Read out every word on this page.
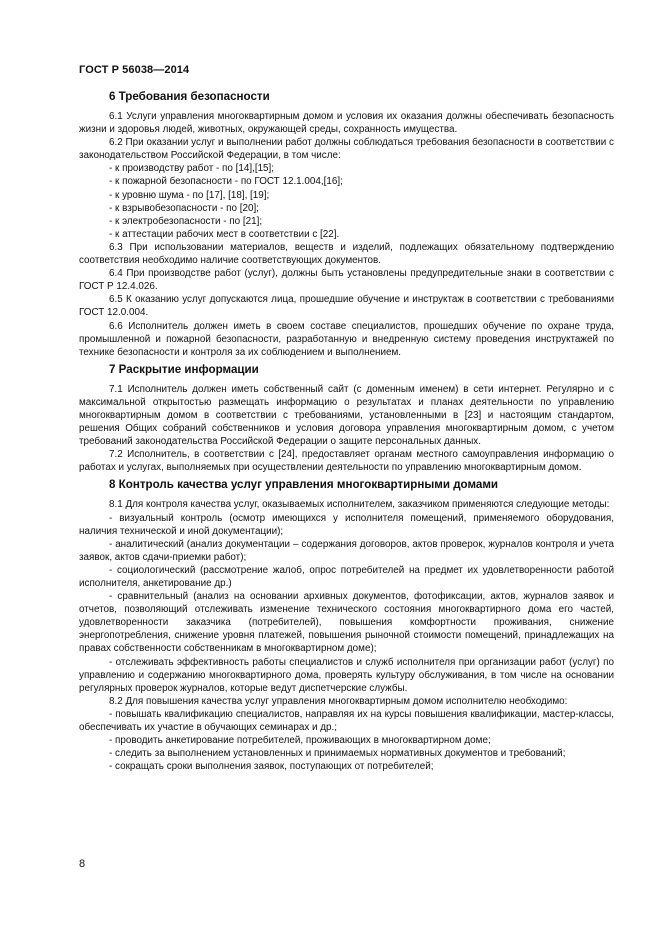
ГОСТ Р 56038—2014
6 Требования безопасности

6.1 Услуги управления многоквартирным домом и условия их оказания должны обеспечивать безопасность жизни и здоровья людей, животных, окружающей среды, сохранность имущества.

6.2 При оказании услуг и выполнении работ должны соблюдаться требования безопасности в соответствии с законодательством Российской Федерации, в том числе:

- к производству работ - по [14],[15];
- к пожарной безопасности - по ГОСТ 12.1.004,[16];
- к уровню шума - по [17], [18], [19];
- к взрывобезопасности - по [20];
- к электробезопасности - по [21];
- к аттестации рабочих мест в соответствии с [22].

6.3 При использовании материалов, веществ и изделий, подлежащих обязательному подтверждению соответствия необходимо наличие соответствующих документов.

6.4 При производстве работ (услуг), должны быть установлены предупредительные знаки в соответствии с ГОСТ Р 12.4.026.

6.5 К оказанию услуг допускаются лица, прошедшие обучение и инструктаж в соответствии с требованиями ГОСТ 12.0.004.

6.6 Исполнитель должен иметь в своем составе специалистов, прошедших обучение по охране труда, промышленной и пожарной безопасности, разработанную и внедренную систему проведения инструктажей по технике безопасности и контроля за их соблюдением и выполнением.

7 Раскрытие информации

7.1 Исполнитель должен иметь собственный сайт (с доменным именем) в сети интернет. Регулярно и с максимальной открытостью размещать информацию о результатах и планах деятельности по управлению многоквартирным домом в соответствии с требованиями, установленными в [23] и настоящим стандартом, решения Общих собраний собственников и условия договора управления многоквартирным домом, с учетом требований законодательства Российской Федерации о защите персональных данных.

7.2 Исполнитель, в соответствии с [24], предоставляет органам местного самоуправления информацию о работах и услугах, выполняемых при осуществлении деятельности по управлению многоквартирным домом.

8 Контроль качества услуг управления многоквартирными домами

8.1 Для контроля качества услуг, оказываемых исполнителем, заказчиком применяются следующие методы:

- визуальный контроль (осмотр имеющихся у исполнителя помещений, применяемого оборудования, наличия технической и иной документации);

- аналитический (анализ документации – содержания договоров, актов проверок, журналов контроля и учета заявок, актов сдачи-приемки работ);

- социологический (рассмотрение жалоб, опрос потребителей на предмет их удовлетворенности работой исполнителя, анкетирование др.)

- сравнительный (анализ на основании архивных документов, фотофиксации, актов, журналов заявок и отчетов, позволяющий отслеживать изменение технического состояния многоквартирного дома его частей, удовлетворенности заказчика (потребителей), повышения комфортности проживания, снижение энергопотребления, снижение уровня платежей, повышения рыночной стоимости помещений, принадлежащих на правах собственности собственникам в многоквартирном доме);

- отслеживать эффективность работы специалистов и служб исполнителя при организации работ (услуг) по управлению и содержанию многоквартирного дома, проверять культуру обслуживания, в том числе на основании регулярных проверок журналов, которые ведут диспетчерские службы.

8.2 Для повышения качества услуг управления многоквартирным домом исполнителю необходимо:

- повышать квалификацию специалистов, направляя их на курсы повышения квалификации, мастер-классы, обеспечивать их участие в обучающих семинарах и др.;

- проводить анкетирование потребителей, проживающих в многоквартирном доме;

- следить за выполнением установленных и принимаемых нормативных документов и требований;

- сокращать сроки выполнения заявок, поступающих от потребителей;

8
